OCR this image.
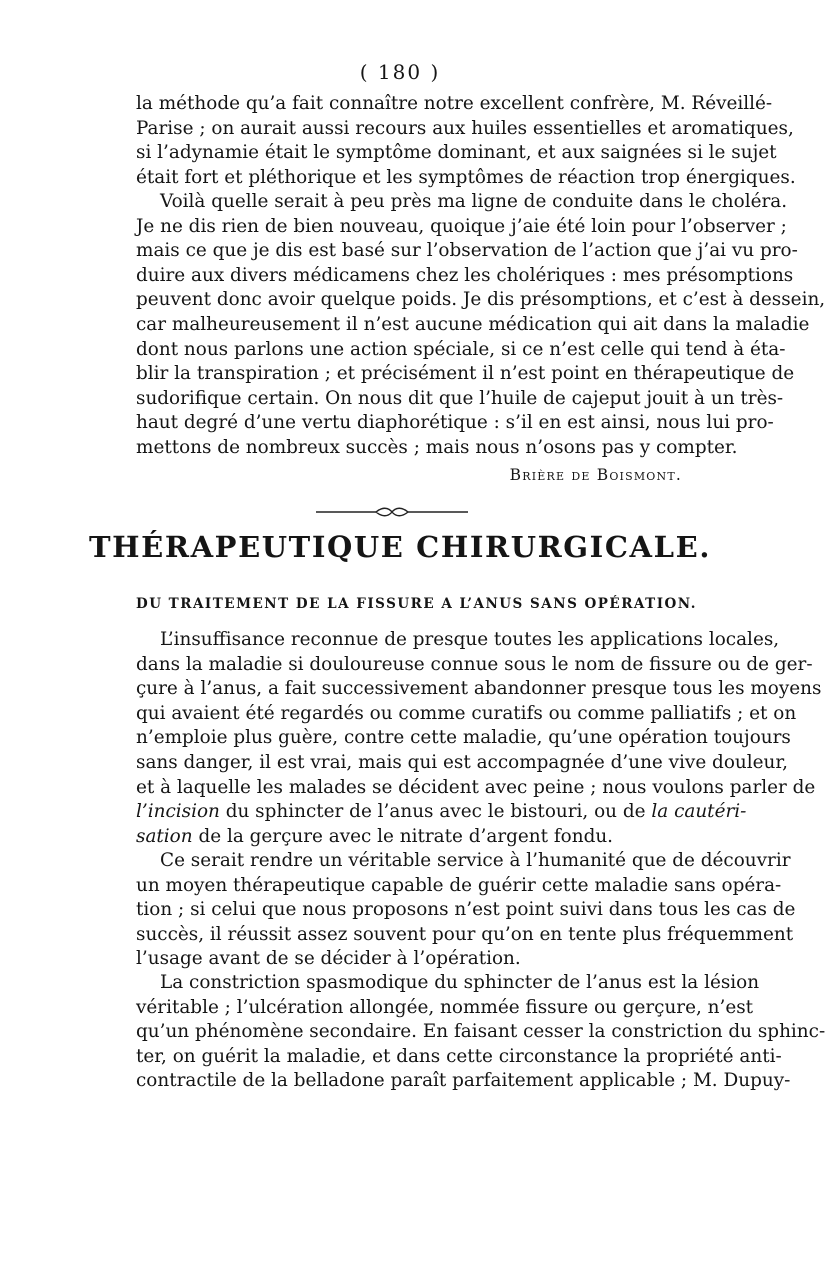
( 180 )
la méthode qu’a fait connaître notre excellent confrère, M. Réveillé-
Parise ; on aurait aussi recours aux huiles essentielles et aromatiques,
si l’adynamie était le symptôme dominant, et aux saignées si le sujet
était fort et pléthorique et les symptômes de réaction trop énergiques.
Voilà quelle serait à peu près ma ligne de conduite dans le choléra.
Je ne dis rien de bien nouveau, quoique j’aie été loin pour l’observer ;
mais ce que je dis est basé sur l’observation de l’action que j’ai vu pro-
duire aux divers médicamens chez les cholériques : mes présomptions
peuvent donc avoir quelque poids. Je dis présomptions, et c’est à dessein,
car malheureusement il n’est aucune médication qui ait dans la maladie
dont nous parlons une action spéciale, si ce n’est celle qui tend à éta-
blir la transpiration ; et précisément il n’est point en thérapeutique de
sudorifique certain. On nous dit que l’huile de cajeput jouit à un très-
haut degré d’une vertu diaphorétique : s’il en est ainsi, nous lui pro-
mettons de nombreux succès ; mais nous n’osons pas y compter.
Brière de Boismont.
THÉRAPEUTIQUE CHIRURGICALE.
DU TRAITEMENT DE LA FISSURE A L’ANUS SANS OPÉRATION.
L’insuffisance reconnue de presque toutes les applications locales,
dans la maladie si douloureuse connue sous le nom de fissure ou de ger-
çure à l’anus, a fait successivement abandonner presque tous les moyens
qui avaient été regardés ou comme curatifs ou comme palliatifs ; et on
n’emploie plus guère, contre cette maladie, qu’une opération toujours
sans danger, il est vrai, mais qui est accompagnée d’une vive douleur,
et à laquelle les malades se décident avec peine ; nous voulons parler de
l’incision du sphincter de l’anus avec le bistouri, ou de la cautéri-
sation de la gerçure avec le nitrate d’argent fondu.
Ce serait rendre un véritable service à l’humanité que de découvrir
un moyen thérapeutique capable de guérir cette maladie sans opéra-
tion ; si celui que nous proposons n’est point suivi dans tous les cas de
succès, il réussit assez souvent pour qu’on en tente plus fréquemment
l’usage avant de se décider à l’opération.
La constriction spasmodique du sphincter de l’anus est la lésion
véritable ; l’ulcération allongée, nommée fissure ou gerçure, n’est
qu’un phénomène secondaire. En faisant cesser la constriction du sphinc-
ter, on guérit la maladie, et dans cette circonstance la propriété anti-
contractile de la belladone paraît parfaitement applicable ; M. Dupuy-
